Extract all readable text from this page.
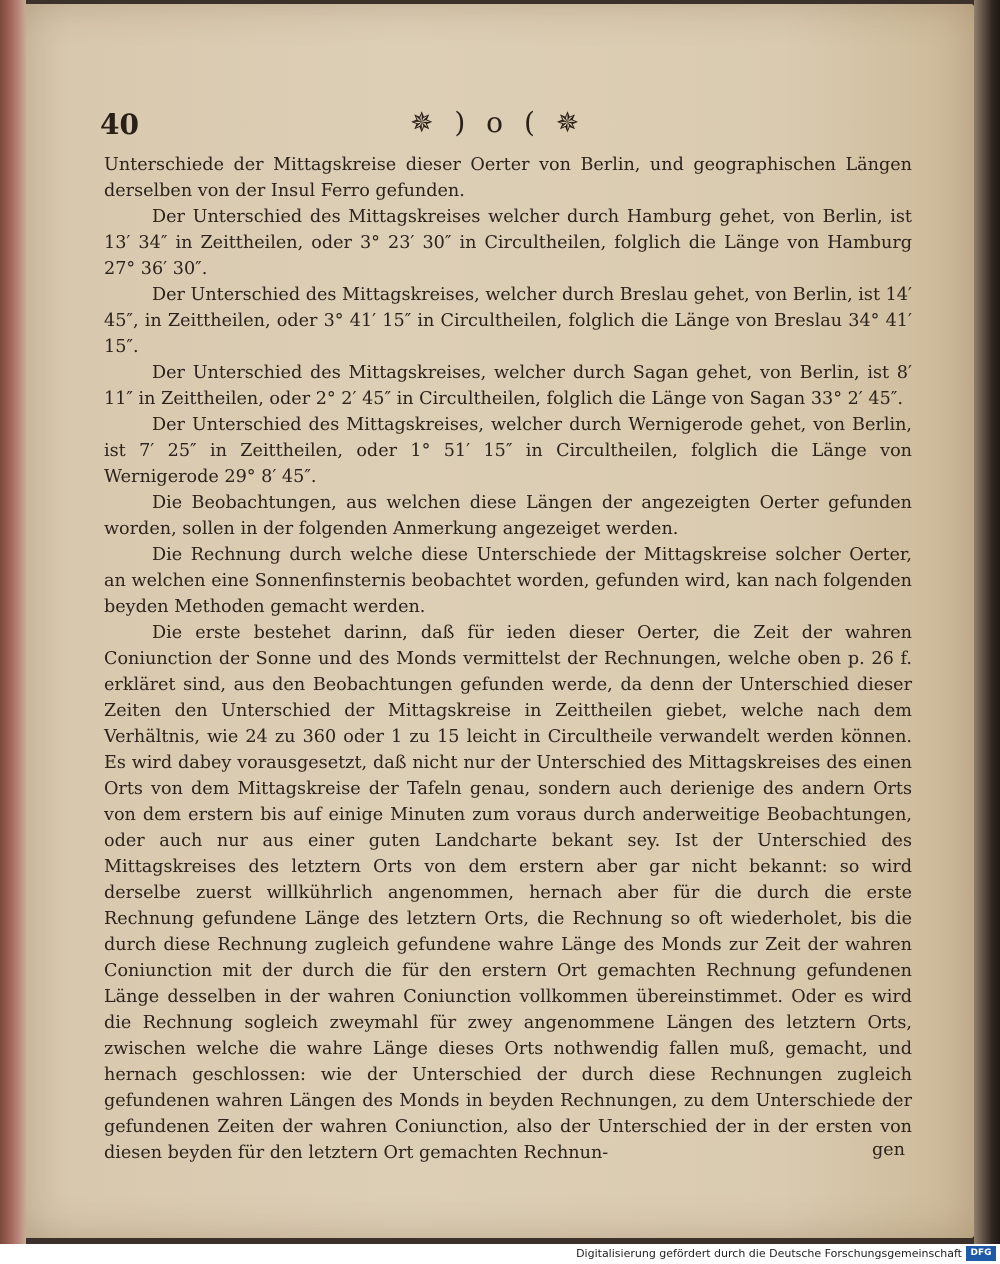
40	✵ ) o ( ✵

Unterschiede der Mittagskreise dieser Oerter von Berlin, und geographischen Längen derselben von der Insul Ferro gefunden.

Der Unterschied des Mittagskreises welcher durch Hamburg gehet, von Berlin, ist 13′ 34″ in Zeittheilen, oder 3° 23′ 30″ in Circultheilen, folglich die Länge von Hamburg 27° 36′ 30″.

Der Unterschied des Mittagskreises, welcher durch Breslau gehet, von Berlin, ist 14′ 45″, in Zeittheilen, oder 3° 41′ 15″ in Circultheilen, folglich die Länge von Breslau 34° 41′ 15″.

Der Unterschied des Mittagskreises, welcher durch Sagan gehet, von Berlin, ist 8′ 11″ in Zeittheilen, oder 2° 2′ 45″ in Circultheilen, folglich die Länge von Sagan 33° 2′ 45″.

Der Unterschied des Mittagskreises, welcher durch Wernigerode gehet, von Berlin, ist 7′ 25″ in Zeittheilen, oder 1° 51′ 15″ in Circultheilen, folglich die Länge von Wernigerode 29° 8′ 45″.

Die Beobachtungen, aus welchen diese Längen der angezeigten Oerter gefunden worden, sollen in der folgenden Anmerkung angezeiget werden.

Die Rechnung durch welche diese Unterschiede der Mittagskreise solcher Oerter, an welchen eine Sonnenfinsternis beobachtet worden, gefunden wird, kan nach folgenden beyden Methoden gemacht werden.

Die erste bestehet darinn, daß für ieden dieser Oerter, die Zeit der wahren Coniunction der Sonne und des Monds vermittelst der Rechnungen, welche oben p. 26 f. erkläret sind, aus den Beobachtungen gefunden werde, da denn der Unterschied dieser Zeiten den Unterschied der Mittagskreise in Zeittheilen giebet, welche nach dem Verhältnis, wie 24 zu 360 oder 1 zu 15 leicht in Circultheile verwandelt werden können. Es wird dabey vorausgesetzt, daß nicht nur der Unterschied des Mittagskreises des einen Orts von dem Mittagskreise der Tafeln genau, sondern auch derienige des andern Orts von dem erstern bis auf einige Minuten zum voraus durch anderweitige Beobachtungen, oder auch nur aus einer guten Landcharte bekant sey. Ist der Unterschied des Mittagskreises des letztern Orts von dem erstern aber gar nicht bekannt: so wird derselbe zuerst willkührlich angenommen, hernach aber für die durch die erste Rechnung gefundene Länge des letztern Orts, die Rechnung so oft wiederholet, bis die durch diese Rechnung zugleich gefundene wahre Länge des Monds zur Zeit der wahren Coniunction mit der durch die für den erstern Ort gemachten Rechnung gefundenen Länge desselben in der wahren Coniunction vollkommen übereinstimmet. Oder es wird die Rechnung sogleich zweymahl für zwey angenommene Längen des letztern Orts, zwischen welche die wahre Länge dieses Orts nothwendig fallen muß, gemacht, und hernach geschlossen: wie der Unterschied der durch diese Rechnungen zugleich gefundenen wahren Längen des Monds in beyden Rechnungen, zu dem Unterschiede der gefundenen Zeiten der wahren Coniunction, also der Unterschied der in der ersten von diesen beyden für den letztern Ort gemachten Rechnun-	gen
Digitalisierung gefördert durch die Deutsche Forschungsgemeinschaft DFG
